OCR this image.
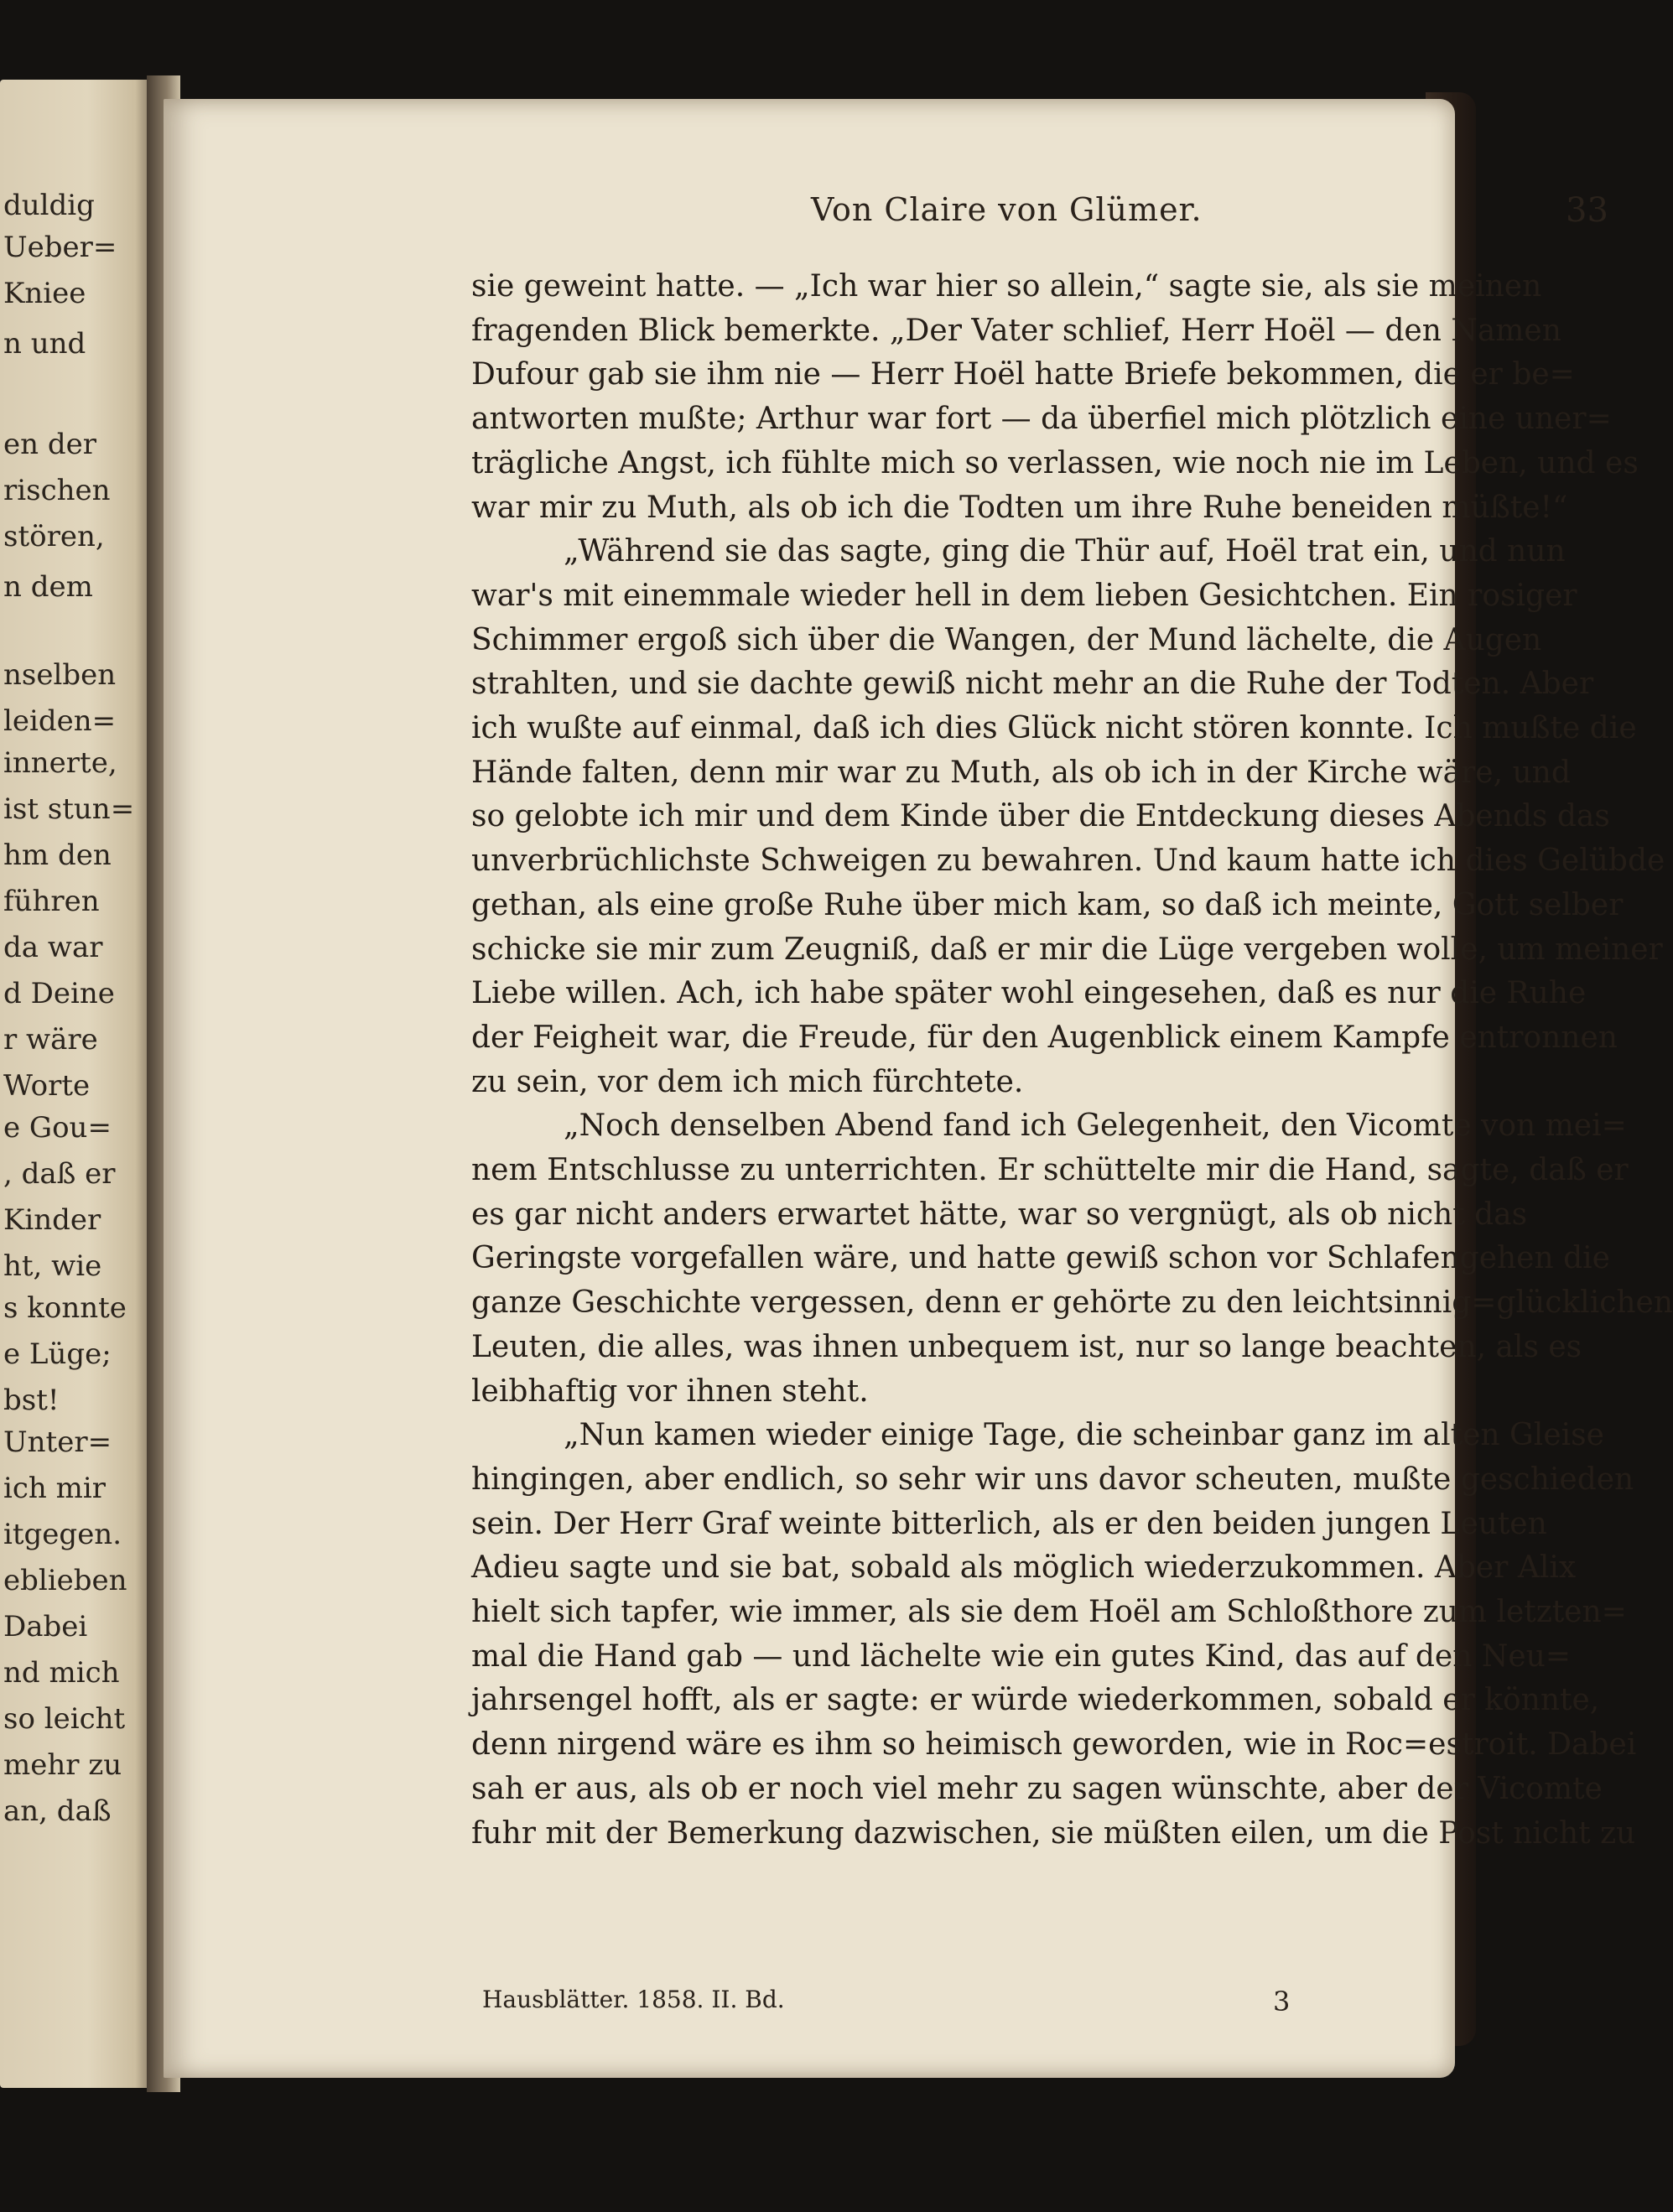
duldig
Ueber=
Kniee
n und
en der
rischen
stören,
n dem
nselben
leiden=
innerte,
ist stun=
hm den
führen
da war
d Deine
r wäre
Worte
e Gou=
, daß er
Kinder
ht, wie
s konnte
e Lüge;
bst!
Unter=
ich mir
itgegen.
eblieben
Dabei
nd mich
so leicht
mehr zu
an, daß
Von Claire von Glümer.	33
sie geweint hatte. — „Ich war hier so allein,“ sagte sie, als sie meinen
fragenden Blick bemerkte. „Der Vater schlief, Herr Hoël — den Namen
Dufour gab sie ihm nie — Herr Hoël hatte Briefe bekommen, die er be=
antworten mußte; Arthur war fort — da überfiel mich plötzlich eine uner=
trägliche Angst, ich fühlte mich so verlassen, wie noch nie im Leben, und es
war mir zu Muth, als ob ich die Todten um ihre Ruhe beneiden müßte!“
„Während sie das sagte, ging die Thür auf, Hoël trat ein, und nun
war's mit einemmale wieder hell in dem lieben Gesichtchen. Ein rosiger
Schimmer ergoß sich über die Wangen, der Mund lächelte, die Augen
strahlten, und sie dachte gewiß nicht mehr an die Ruhe der Todten. Aber
ich wußte auf einmal, daß ich dies Glück nicht stören konnte. Ich mußte die
Hände falten, denn mir war zu Muth, als ob ich in der Kirche wäre, und
so gelobte ich mir und dem Kinde über die Entdeckung dieses Abends das
unverbrüchlichste Schweigen zu bewahren. Und kaum hatte ich dies Gelübde
gethan, als eine große Ruhe über mich kam, so daß ich meinte, Gott selber
schicke sie mir zum Zeugniß, daß er mir die Lüge vergeben wolle, um meiner
Liebe willen. Ach, ich habe später wohl eingesehen, daß es nur die Ruhe
der Feigheit war, die Freude, für den Augenblick einem Kampfe entronnen
zu sein, vor dem ich mich fürchtete.
„Noch denselben Abend fand ich Gelegenheit, den Vicomte von mei=
nem Entschlusse zu unterrichten. Er schüttelte mir die Hand, sagte, daß er
es gar nicht anders erwartet hätte, war so vergnügt, als ob nicht das
Geringste vorgefallen wäre, und hatte gewiß schon vor Schlafengehen die
ganze Geschichte vergessen, denn er gehörte zu den leichtsinnig=glücklichen
Leuten, die alles, was ihnen unbequem ist, nur so lange beachten, als es
leibhaftig vor ihnen steht.
„Nun kamen wieder einige Tage, die scheinbar ganz im alten Gleise
hingingen, aber endlich, so sehr wir uns davor scheuten, mußte geschieden
sein. Der Herr Graf weinte bitterlich, als er den beiden jungen Leuten
Adieu sagte und sie bat, sobald als möglich wiederzukommen. Aber Alix
hielt sich tapfer, wie immer, als sie dem Hoël am Schloßthore zum letzten=
mal die Hand gab — und lächelte wie ein gutes Kind, das auf den Neu=
jahrsengel hofft, als er sagte: er würde wiederkommen, sobald er könnte,
denn nirgend wäre es ihm so heimisch geworden, wie in Roc=estroit. Dabei
sah er aus, als ob er noch viel mehr zu sagen wünschte, aber der Vicomte
fuhr mit der Bemerkung dazwischen, sie müßten eilen, um die Post nicht zu
Hausblätter. 1858. II. Bd.	3
